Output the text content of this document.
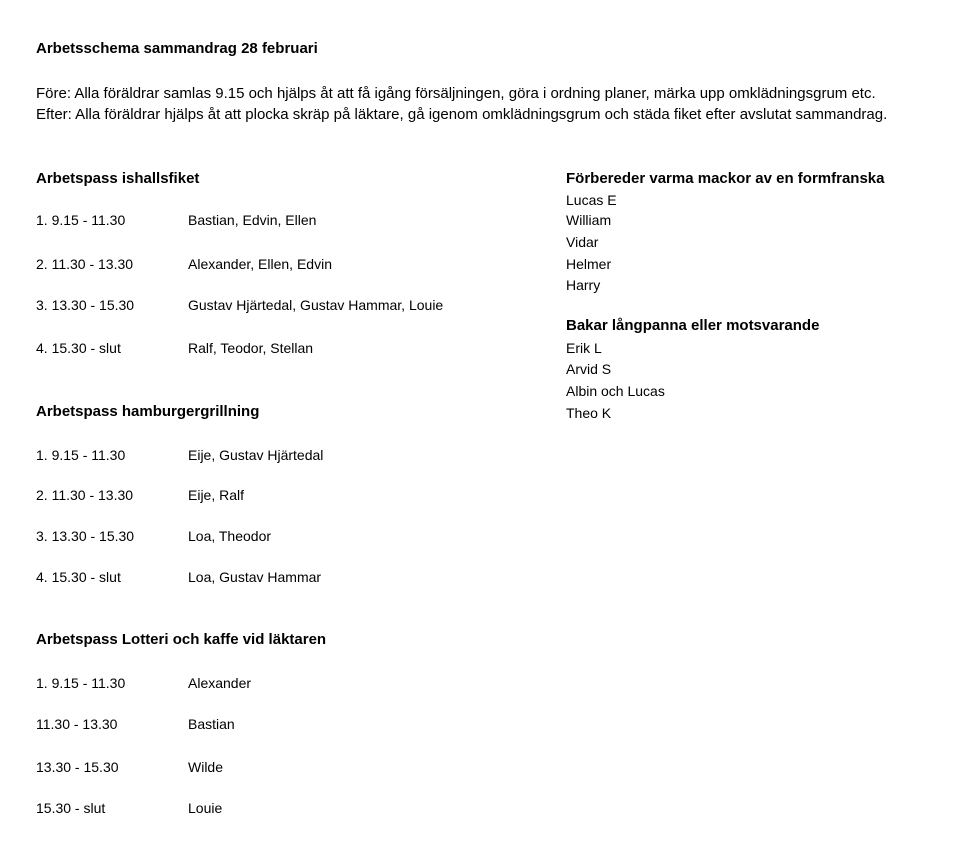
Arbetsschema sammandrag 28 februari
Före: Alla föräldrar samlas 9.15 och hjälps åt att få igång försäljningen, göra i ordning planer, märka upp omklädningsgrum etc.
Efter: Alla föräldrar hjälps åt att plocka skräp på läktare, gå igenom omklädningsgrum och städa fiket efter avslutat sammandrag.
Arbetspass ishallsfiket
1. 9.15 - 11.30	Bastian, Edvin, Ellen
2. 11.30 - 13.30	Alexander, Ellen, Edvin
3. 13.30 - 15.30	Gustav Hjärtedal, Gustav Hammar, Louie
4. 15.30 - slut	Ralf, Teodor, Stellan
Arbetspass hamburgergrillning
1. 9.15 - 11.30	Eije, Gustav Hjärtedal
2. 11.30 - 13.30	Eije, Ralf
3. 13.30 - 15.30	Loa, Theodor
4. 15.30 - slut	Loa, Gustav Hammar
Arbetspass Lotteri och kaffe vid läktaren
1. 9.15 - 11.30	Alexander
11.30 - 13.30	Bastian
13.30 - 15.30	Wilde
15.30 - slut	Louie
Förbereder varma mackor av en formfranska
Lucas E
William
Vidar
Helmer
Harry
Bakar långpanna eller motsvarande
Erik L
Arvid S
Albin och Lucas
Theo K
